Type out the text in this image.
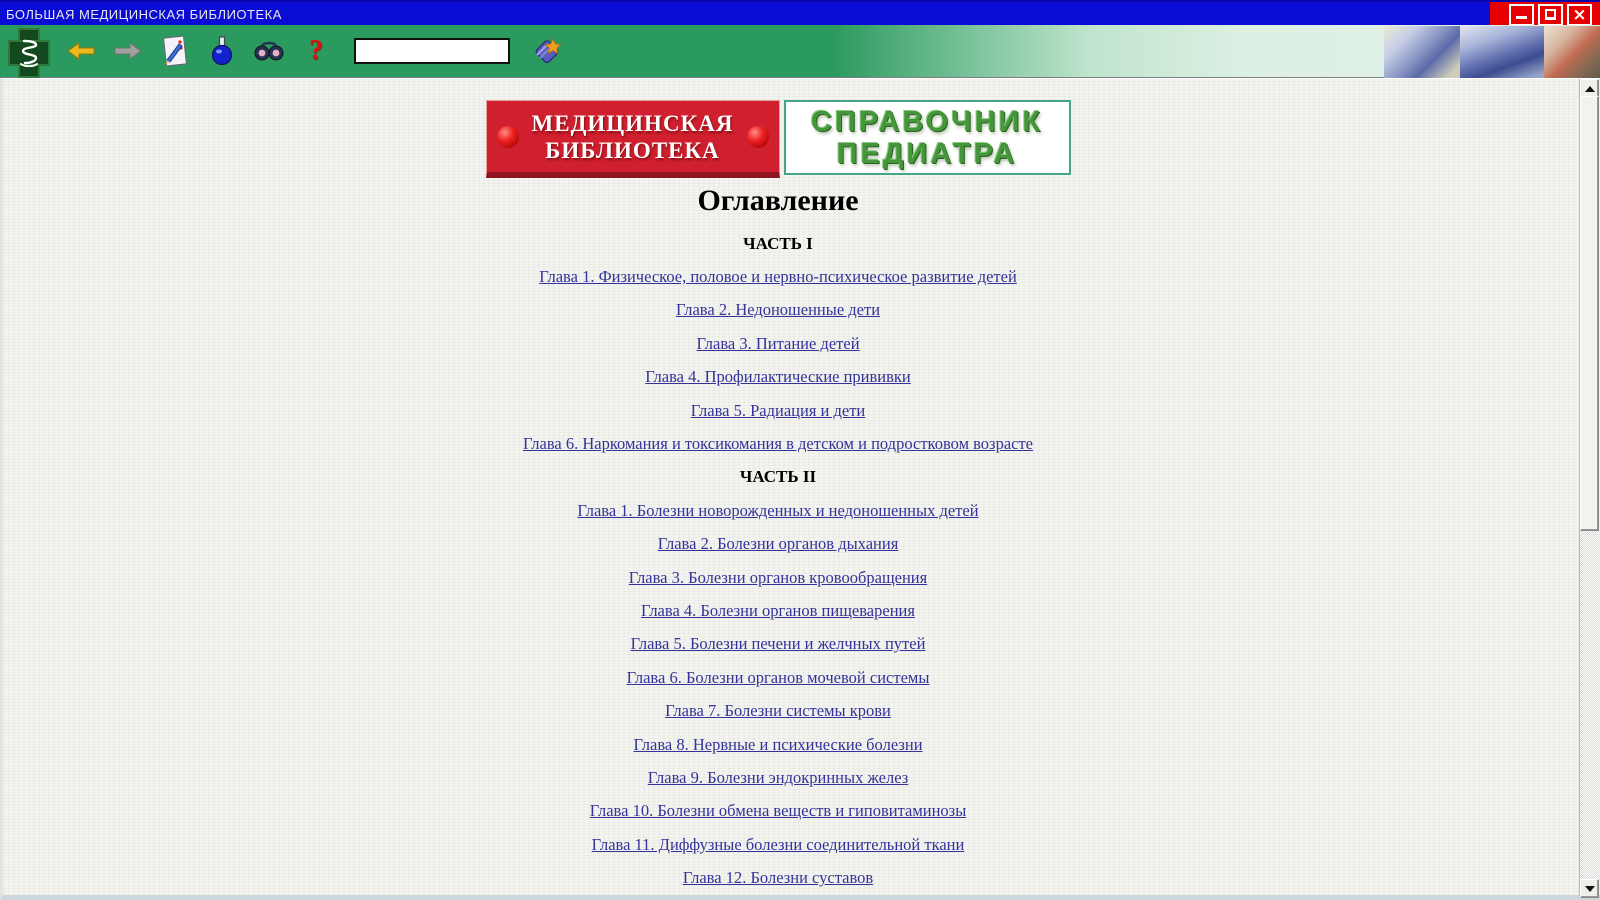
БОЛЬШАЯ МЕДИЦИНСКАЯ БИБЛИОТЕКА	×
?
МЕДИЦИНСКАЯ
БИБЛИОТЕКА
СПРАВОЧНИК
ПЕДИАТРА
Оглавление
ЧАСТЬ I
Глава 1. Физическое, половое и нервно-психическое развитие детей
Глава 2. Недоношенные дети
Глава 3. Питание детей
Глава 4. Профилактические прививки
Глава 5. Радиация и дети
Глава 6. Наркомания и токсикомания в детском и подростковом возрасте
ЧАСТЬ II
Глава 1. Болезни новорожденных и недоношенных детей
Глава 2. Болезни органов дыхания
Глава 3. Болезни органов кровообращения
Глава 4. Болезни органов пищеварения
Глава 5. Болезни печени и желчных путей
Глава 6. Болезни органов мочевой системы
Глава 7. Болезни системы крови
Глава 8. Нервные и психические болезни
Глава 9. Болезни эндокринных желез
Глава 10. Болезни обмена веществ и гиповитаминозы
Глава 11. Диффузные болезни соединительной ткани
Глава 12. Болезни суставов
